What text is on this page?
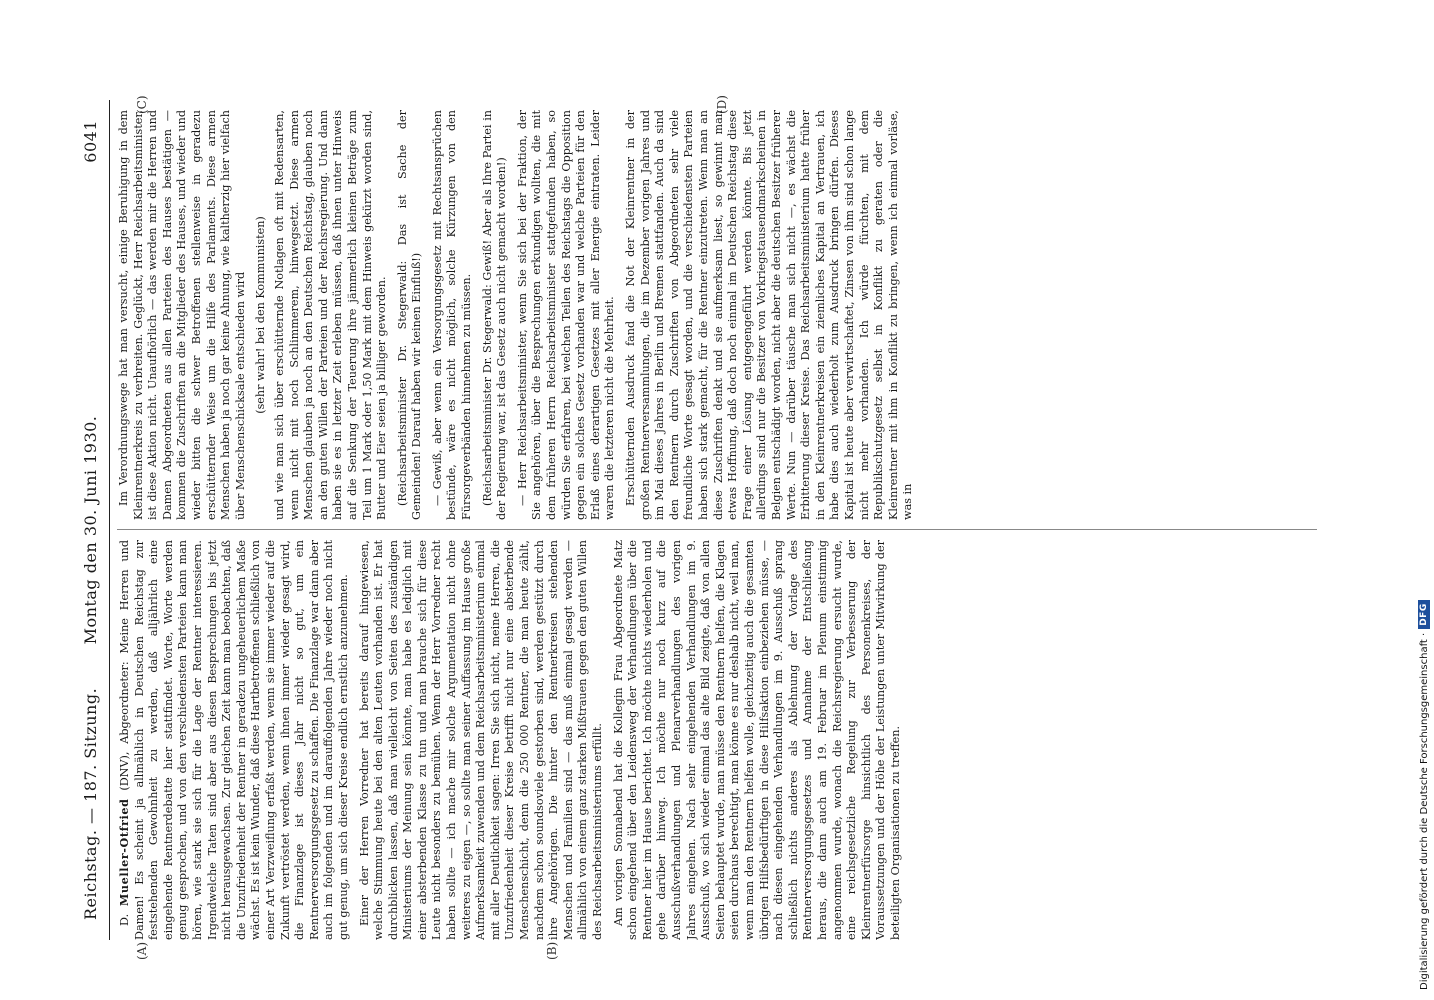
Reichstag. — 187. Sitzung.
Montag den 30. Juni 1930.
6041
(A)	(B)
(C)	(D)

D. Mueller-Otfried (DNV), Abgeordneter: Meine Herren und Damen! Es scheint ja allmählich in Deutschen Reichstag zur feststehenden Gewohnheit zu werden, daß alljährlich eine eingehende Rentnerdebatte hier stattfindet. Worte, Worte werden genug gesprochen, und von den verschiedensten Parteien kann man hören, wie stark sie sich für die Lage der Rentner interessieren. Irgendwelche Taten sind aber aus diesen Besprechungen bis jetzt nicht herausgewachsen. Zur gleichen Zeit kann man beobachten, daß die Unzufriedenheit der Rentner in geradezu ungeheuerlichem Maße wächst. Es ist kein Wunder, daß diese Hartbetroffenen schließlich von einer Art Verzweiflung erfaßt werden, wenn sie immer wieder auf die Zukunft vertröstet werden, wenn ihnen immer wieder gesagt wird, die Finanzlage ist dieses Jahr nicht so gut, um ein Rentnerversorgungsgesetz zu schaffen. Die Finanzlage war dann aber auch im folgenden und im darauffolgenden Jahre wieder noch nicht gut genug, um sich dieser Kreise endlich ernstlich anzunehmen. Einer der Herren Vorredner hat bereits darauf hingewiesen, welche Stimmung heute bei den alten Leuten vorhanden ist. Er hat durchblicken lassen, daß man vielleicht von Seiten des zuständigen Ministeriums der Meinung sein könnte, man habe es lediglich mit einer absterbenden Klasse zu tun und man brauche sich für diese Leute nicht besonders zu bemühen. Wenn der Herr Vorredner recht haben sollte — ich mache mir solche Argumentation nicht ohne weiteres zu eigen —, so sollte man seiner Auffassung im Hause große Aufmerksamkeit zuwenden und dem Reichsarbeitsministerium einmal mit aller Deutlichkeit sagen: Irren Sie sich nicht, meine Herren, die Unzufriedenheit dieser Kreise betrifft nicht nur eine absterbende Menschenschicht, denn die 250 000 Rentner, die man heute zählt, nachdem schon soundsoviele gestorben sind, werden gestützt durch ihre Angehörigen. Die hinter den Rentnerkreisen stehenden Menschen und Familien sind — das muß einmal gesagt werden — allmählich von einem ganz starken Mißtrauen gegen den guten Willen des Reichsarbeitsministeriums erfüllt. Am vorigen Sonnabend hat die Kollegin Frau Abgeordnete Matz schon eingehend über den Leidensweg der Verhandlungen über die Rentner hier im Hause berichtet. Ich möchte nichts wiederholen und gehe darüber hinweg. Ich möchte nur noch kurz auf die Ausschußverhandlungen und Plenarverhandlungen des vorigen Jahres eingehen. Nach sehr eingehenden Verhandlungen im 9. Ausschuß, wo sich wieder einmal das alte Bild zeigte, daß von allen Seiten behauptet wurde, man müsse den Rentnern helfen, die Klagen seien durchaus berechtigt, man könne es nur deshalb nicht, weil man, wenn man den Rentnern helfen wolle, gleichzeitig auch die gesamten übrigen Hilfsbedürftigen in diese Hilfsaktion einbeziehen müsse, — nach diesen eingehenden Verhandlungen im 9. Ausschuß sprang schließlich nichts anderes als Ablehnung der Vorlage des Rentnerversorgungsgesetzes und Annahme der Entschließung heraus, die dann auch am 19. Februar im Plenum einstimmig angenommen wurde, wonach die Reichsregierung ersucht wurde, eine reichsgesetzliche Regelung zur Verbesserung der Kleinrentnerfürsorge hinsichtlich des Personenkreises, der Voraussetzungen und der Höhe der Leistungen unter Mitwirkung der beteiligten Organisationen zu treffen.

Im Verordnungswege hat man versucht, einige Beruhigung in dem Kleinrentnerkreis zu verbreiten. Geglückt, Herr Reichsarbeitsminister, ist diese Aktion nicht. Unaufhörlich — das werden mir die Herren und Damen Abgeordneten aus allen Parteien des Hauses bestätigen — kommen die Zuschriften an die Mitglieder des Hauses, und wieder und wieder bitten die schwer Betroffenen stellenweise in geradezu erschütternder Weise um die Hilfe des Parlaments. Diese armen Menschen haben ja noch gar keine Ahnung, wie kaltherzig hier vielfach über Menschenschicksale entschieden wird (sehr wahr! bei den Kommunisten) und wie man sich über erschütternde Notlagen oft mit Redensarten, wenn nicht mit noch Schlimmerem, hinwegsetzt. Diese armen Menschen glauben ja noch an den Deutschen Reichstag, glauben noch an den guten Willen der Parteien und der Reichsregierung. Und dann haben sie es in letzter Zeit erleben müssen, daß ihnen unter Hinweis auf die Senkung der Teuerung ihre jämmerlich kleinen Beträge zum Teil um 1 Mark oder 1,50 Mark mit dem Hinweis gekürzt worden sind, Butter und Eier seien ja billiger geworden. (Reichsarbeitsminister Dr. Stegerwald: Das ist Sache der Gemeinden! Darauf haben wir keinen Einfluß!) — Gewiß, aber wenn ein Versorgungsgesetz mit Rechtsansprüchen bestünde, wäre es nicht möglich, solche Kürzungen von den Fürsorgeverbänden hinnehmen zu müssen. (Reichsarbeitsminister Dr. Stegerwald: Gewiß! Aber als Ihre Partei in der Regierung war, ist das Gesetz auch nicht gemacht worden!) — Herr Reichsarbeitsminister, wenn Sie sich bei der Fraktion, der Sie angehören, über die Besprechungen erkundigen wollten, die mit dem früheren Herrn Reichsarbeitsminister stattgefunden haben, so würden Sie erfahren, bei welchen Teilen des Reichstags die Opposition gegen ein solches Gesetz vorhanden war und welche Parteien für den Erlaß eines derartigen Gesetzes mit aller Energie eintraten. Leider waren die letzteren nicht die Mehrheit. Erschütternden Ausdruck fand die Not der Kleinrentner in der großen Rentnerversammlungen, die im Dezember vorigen Jahres und im Mai dieses Jahres in Berlin und Bremen stattfanden. Auch da sind den Rentnern durch Zuschriften von Abgeordneten sehr viele freundliche Worte gesagt worden, und die verschiedensten Parteien haben sich stark gemacht, für die Rentner einzutreten. Wenn man an diese Zuschriften denkt und sie aufmerksam liest, so gewinnt man etwas Hoffnung, daß doch noch einmal im Deutschen Reichstag diese Frage einer Lösung entgegengeführt werden könnte. Bis jetzt allerdings sind nur die Besitzer von Vorkriegstausendmarkscheinen in Belgien entschädigt worden, nicht aber die deutschen Besitzer früherer Werte. Nun — darüber täusche man sich nicht —, es wächst die Erbitterung dieser Kreise. Das Reichsarbeitsministerium hatte früher in den Kleinrentnerkreisen ein ziemliches Kapital an Vertrauen, ich habe dies auch wiederholt zum Ausdruck bringen dürfen. Dieses Kapital ist heute aber verwirtschaftet, Zinsen von ihm sind schon lange nicht mehr vorhanden. Ich würde fürchten, mit dem Republikschutzgesetz selbst in Konflikt zu geraten oder die Kleinrentner mit ihm in Konflikt zu bringen, wenn ich einmal vorläse, was in

Digitalisierung gefördert durch die Deutsche Forschungsgemeinschaft ·
DFG
